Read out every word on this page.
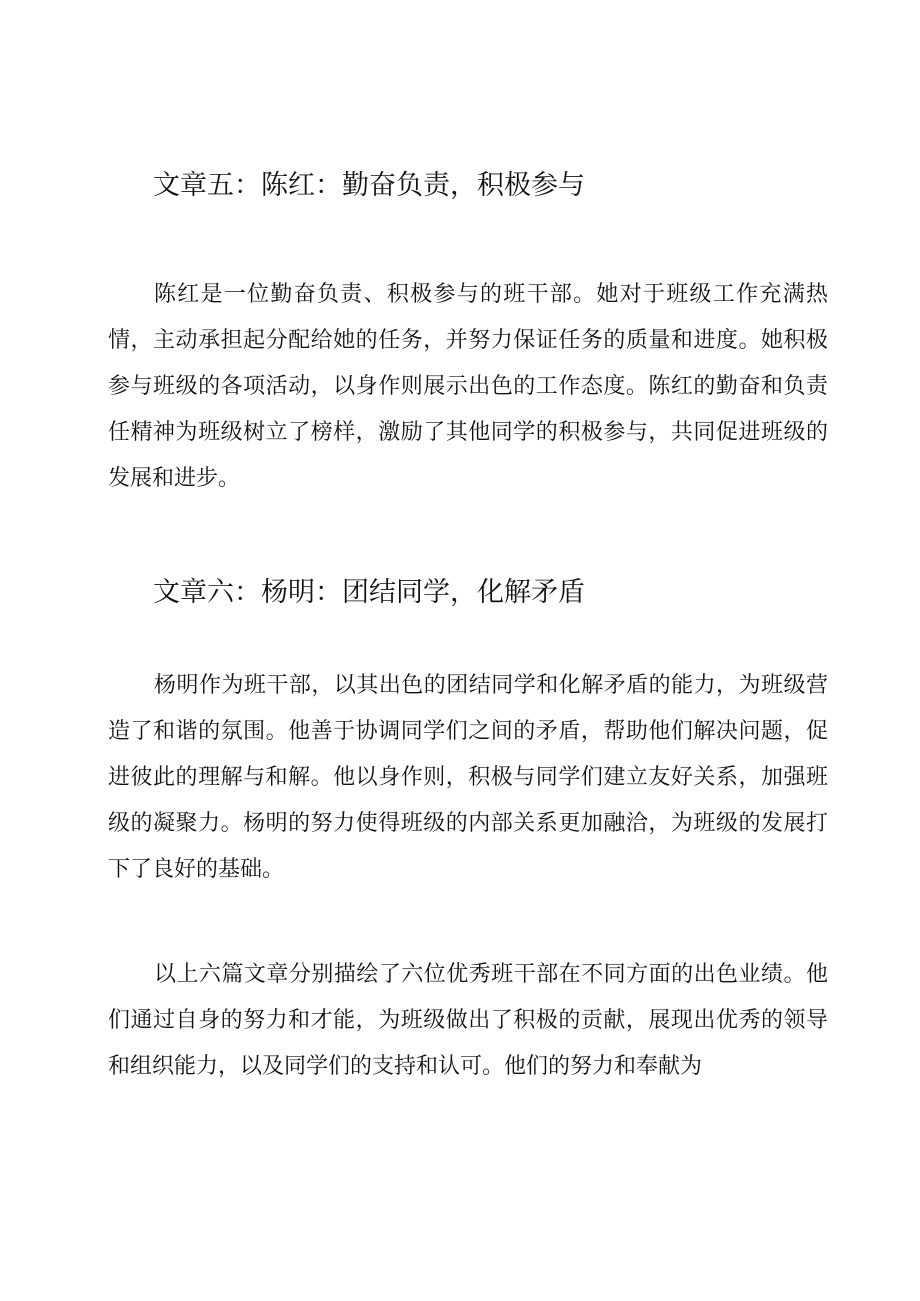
文章五：陈红：勤奋负责，积极参与

陈红是一位勤奋负责、积极参与的班干部。她对于班级工作充满热情，主动承担起分配给她的任务，并努力保证任务的质量和进度。她积极参与班级的各项活动，以身作则展示出色的工作态度。陈红的勤奋和负责任精神为班级树立了榜样，激励了其他同学的积极参与，共同促进班级的发展和进步。

文章六：杨明：团结同学，化解矛盾

杨明作为班干部，以其出色的团结同学和化解矛盾的能力，为班级营造了和谐的氛围。他善于协调同学们之间的矛盾，帮助他们解决问题，促进彼此的理解与和解。他以身作则，积极与同学们建立友好关系，加强班级的凝聚力。杨明的努力使得班级的内部关系更加融洽，为班级的发展打下了良好的基础。

以上六篇文章分别描绘了六位优秀班干部在不同方面的出色业绩。他们通过自身的努力和才能，为班级做出了积极的贡献，展现出优秀的领导和组织能力，以及同学们的支持和认可。他们的努力和奉献为
